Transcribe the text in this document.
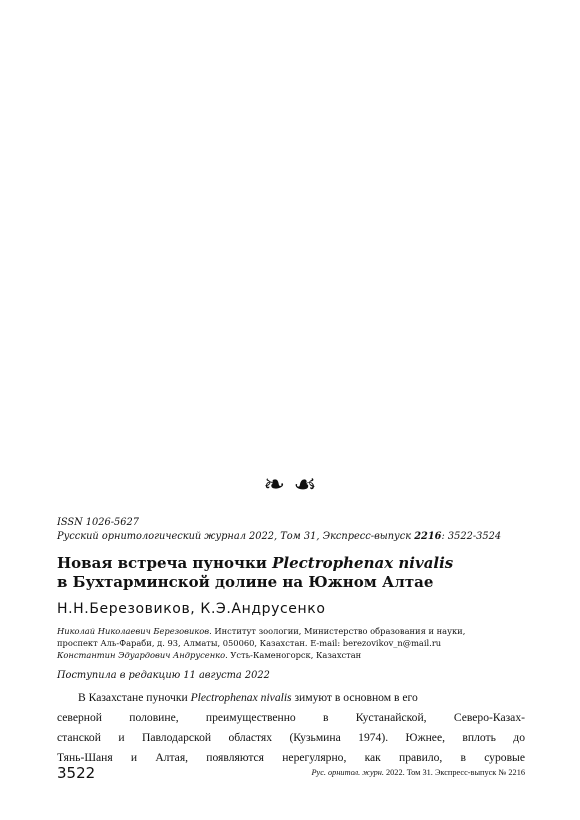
❧ ☙
ISSN 1026-5627
Русский орнитологический журнал 2022, Том 31, Экспресс-выпуск 2216: 3522-3524
Новая встреча пуночки Plectrophenax nivalis
в Бухтарминской долине на Южном Алтае
Н.Н.Березовиков, К.Э.Андрусенко
Николай Николаевич Березовиков. Институт зоологии, Министерство образования и науки,
проспект Аль-Фараби, д. 93, Алматы, 050060, Казахстан. E-mail: berezovikov_n@mail.ru
Константин Эдуардович Андрусенко. Усть-Каменогорск, Казахстан
Поступила в редакцию 11 августа 2022
В Казахстане пуночки Plectrophenax nivalis зимуют в основном в его
северной половине, преимущественно в Кустанайской, Северо-Казах-
станской и Павлодарской областях (Кузьмина 1974). Южнее, вплоть до
Тянь-Шаня и Алтая, появляются нерегулярно, как правило, в суровые
3522	Рус. орнитол. журн. 2022. Том 31. Экспресс-выпуск № 2216
